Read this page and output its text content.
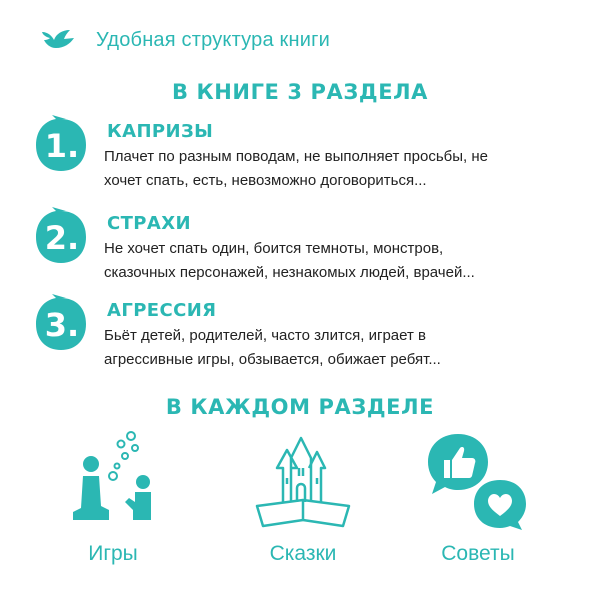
Удобная структура книги
В КНИГЕ 3 РАЗДЕЛА
1. КАПРИЗЫ
Плачет по разным поводам, не выполняет просьбы, не
хочет спать, есть, невозможно договориться...
2. СТРАХИ
Не хочет спать один, боится темноты, монстров,
сказочных персонажей, незнакомых людей, врачей...
3. АГРЕССИЯ
Бьёт детей, родителей, часто злится, играет в
агрессивные игры, обзывается, обижает ребят...
В КАЖДОМ РАЗДЕЛЕ
Игры	Сказки	Советы
